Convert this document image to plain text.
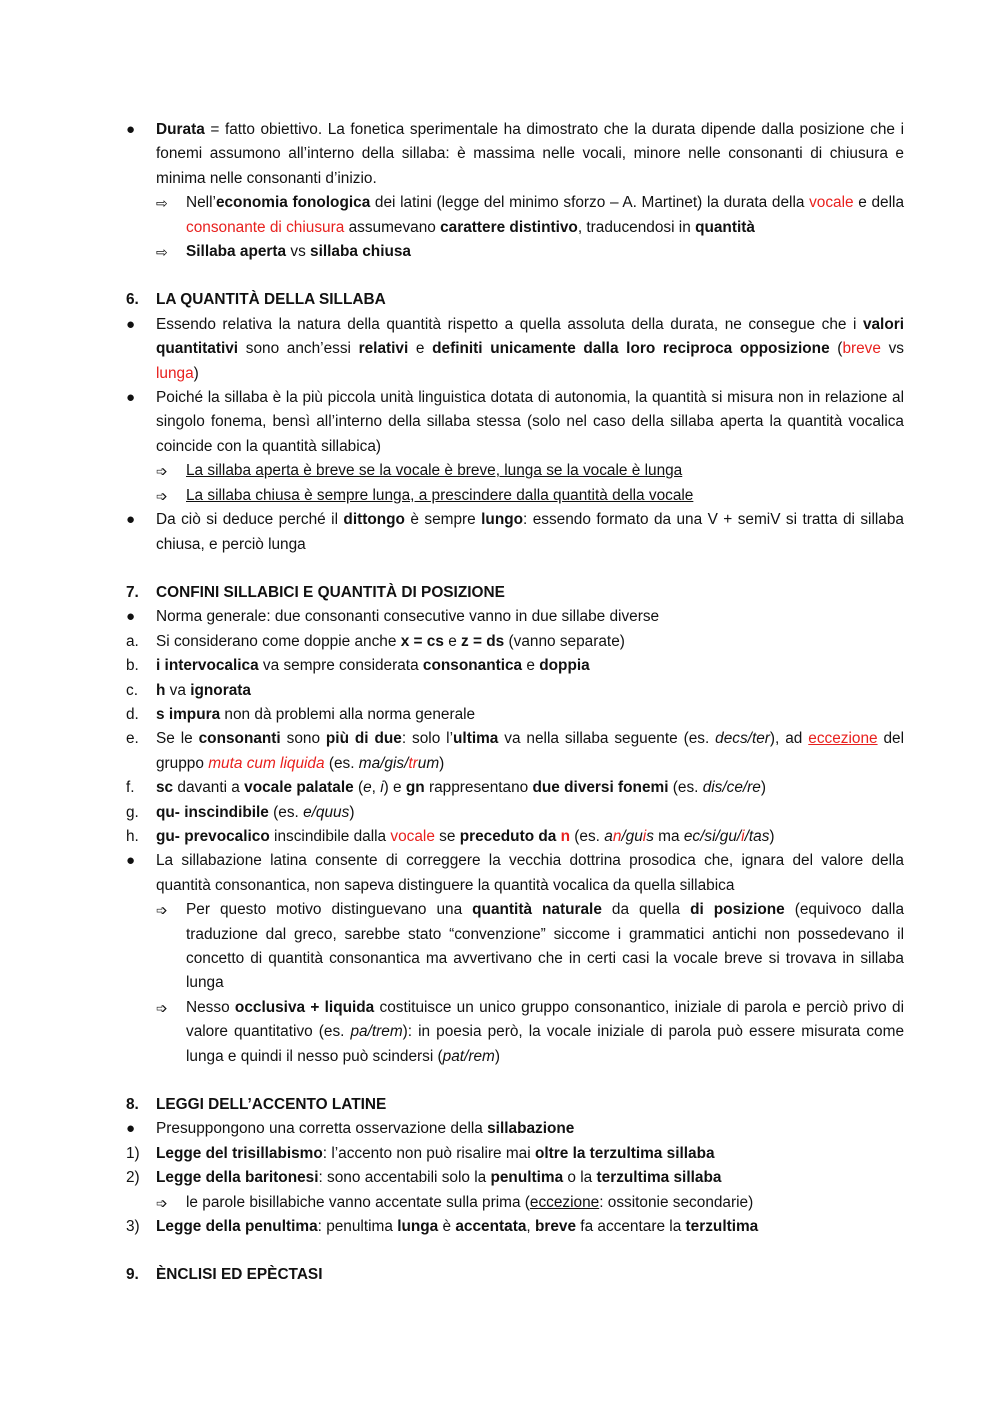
●	Durata = fatto obiettivo. La fonetica sperimentale ha dimostrato che la durata dipende dalla posizione che i fonemi assumono all’interno della sillaba: è massima nelle vocali, minore nelle consonanti di chiusura e minima nelle consonanti d’inizio.
⇨	Nell’economia fonologica dei latini (legge del minimo sforzo – A. Martinet) la durata della vocale e della consonante di chiusura assumevano carattere distintivo, traducendosi in quantità
⇨	Sillaba aperta vs sillaba chiusa
6.	LA QUANTITÀ DELLA SILLABA
●	Essendo relativa la natura della quantità rispetto a quella assoluta della durata, ne consegue che i valori quantitativi sono anch’essi relativi e definiti unicamente dalla loro reciproca opposizione (breve vs lunga)
●	Poiché la sillaba è la più piccola unità linguistica dotata di autonomia, la quantità si misura non in relazione al singolo fonema, bensì all’interno della sillaba stessa (solo nel caso della sillaba aperta la quantità vocalica coincide con la quantità sillabica)
➩	La sillaba aperta è breve se la vocale è breve, lunga se la vocale è lunga
➩	La sillaba chiusa è sempre lunga, a prescindere dalla quantità della vocale
●	Da ciò si deduce perché il dittongo è sempre lungo: essendo formato da una V + semiV si tratta di sillaba chiusa, e perciò lunga
7.	CONFINI SILLABICI E QUANTITÀ DI POSIZIONE
●	Norma generale: due consonanti consecutive vanno in due sillabe diverse
a.	Si considerano come doppie anche x = cs e z = ds (vanno separate)
b.	i intervocalica va sempre considerata consonantica e doppia
c.	h va ignorata
d.	s impura non dà problemi alla norma generale
e.	Se le consonanti sono più di due: solo l’ultima va nella sillaba seguente (es. decs/ter), ad eccezione del gruppo muta cum liquida (es. ma/gis/trum)
f.	sc davanti a vocale palatale (e, i) e gn rappresentano due diversi fonemi (es. dis/ce/re)
g.	qu- inscindibile (es. e/quus)
h.	gu- prevocalico inscindibile dalla vocale se preceduto da n (es. an/guis ma ec/si/gu/i/tas)
●	La sillabazione latina consente di correggere la vecchia dottrina prosodica che, ignara del valore della quantità consonantica, non sapeva distinguere la quantità vocalica da quella sillabica
➩	Per questo motivo distinguevano una quantità naturale da quella di posizione (equivoco dalla traduzione dal greco, sarebbe stato “convenzione” siccome i grammatici antichi non possedevano il concetto di quantità consonantica ma avvertivano che in certi casi la vocale breve si trovava in sillaba lunga
➩	Nesso occlusiva + liquida costituisce un unico gruppo consonantico, iniziale di parola e perciò privo di valore quantitativo (es. pa/trem): in poesia però, la vocale iniziale di parola può essere misurata come lunga e quindi il nesso può scindersi (pat/rem)
8.	LEGGI DELL’ACCENTO LATINE
●	Presuppongono una corretta osservazione della sillabazione
1)	Legge del trisillabismo: l’accento non può risalire mai oltre la terzultima sillaba
2)	Legge della baritonesi: sono accentabili solo la penultima o la terzultima sillaba
➩	le parole bisillabiche vanno accentate sulla prima (eccezione: ossitonie secondarie)
3)	Legge della penultima: penultima lunga è accentata, breve fa accentare la terzultima
9.	ÈNCLISI ED EPÈCTASI
